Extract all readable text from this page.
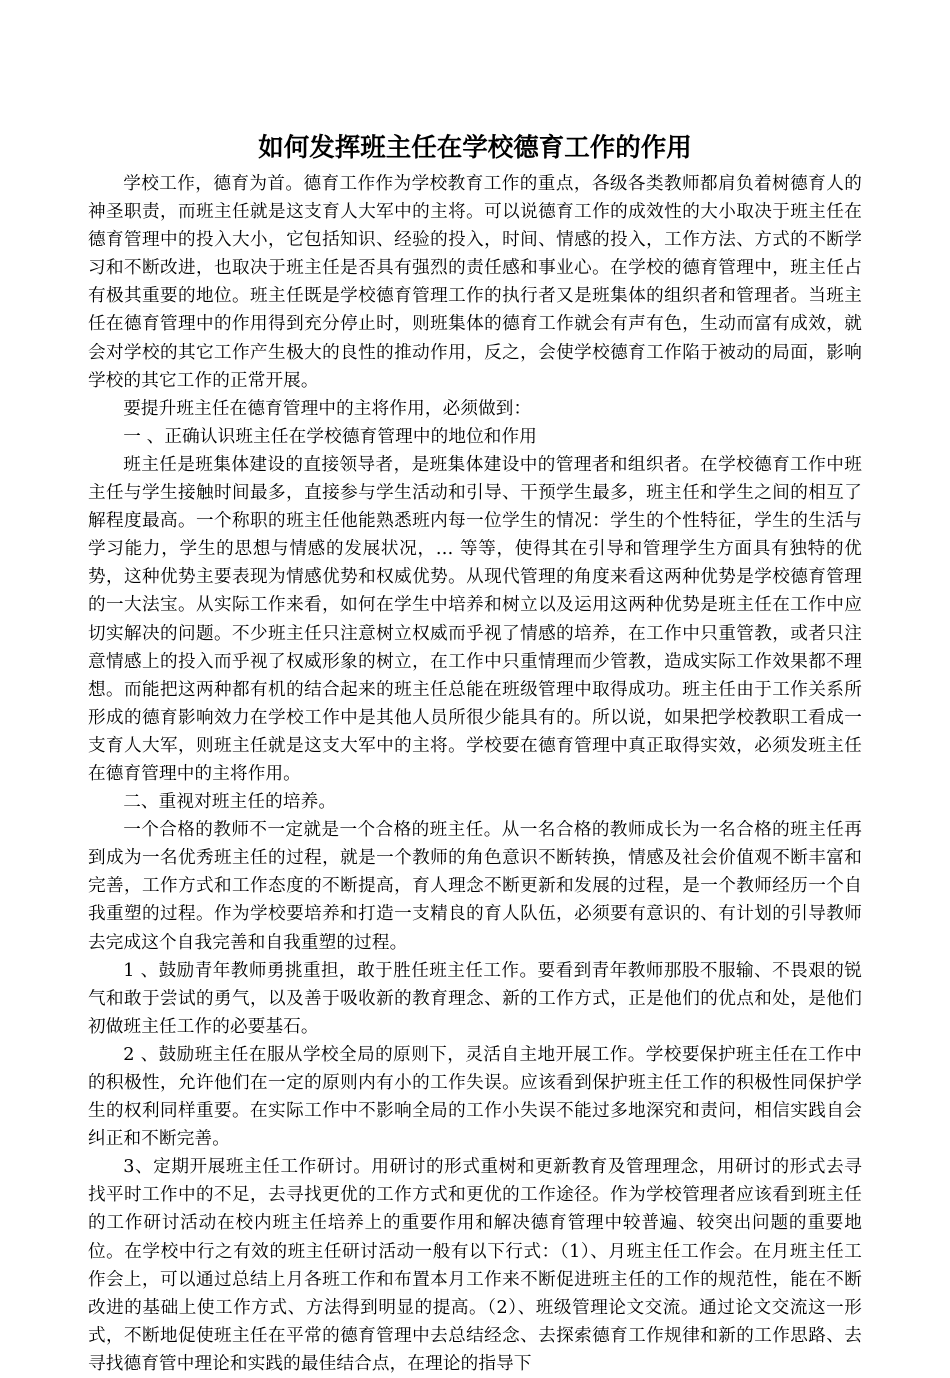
如何发挥班主任在学校德育工作的作用

学校工作，德育为首。德育工作作为学校教育工作的重点，各级各类教师都肩负着树德育人的神圣职责，而班主任就是这支育人大军中的主将。可以说德育工作的成效性的大小取决于班主任在德育管理中的投入大小，它包括知识、经验的投入，时间、情感的投入，工作方法、方式的不断学习和不断改进，也取决于班主任是否具有强烈的责任感和事业心。在学校的德育管理中，班主任占有极其重要的地位。班主任既是学校德育管理工作的执行者又是班集体的组织者和管理者。当班主任在德育管理中的作用得到充分停止时，则班集体的德育工作就会有声有色，生动而富有成效，就会对学校的其它工作产生极大的良性的推动作用，反之，会使学校德育工作陷于被动的局面，影响学校的其它工作的正常开展。

要提升班主任在德育管理中的主将作用，必须做到：

一 、正确认识班主任在学校德育管理中的地位和作用

班主任是班集体建设的直接领导者，是班集体建设中的管理者和组织者。在学校德育工作中班主任与学生接触时间最多，直接参与学生活动和引导、干预学生最多，班主任和学生之间的相互了解程度最高。一个称职的班主任他能熟悉班内每一位学生的情况：学生的个性特征，学生的生活与学习能力，学生的思想与情感的发展状况，… 等等，使得其在引导和管理学生方面具有独特的优势，这种优势主要表现为情感优势和权威优势。从现代管理的角度来看这两种优势是学校德育管理的一大法宝。从实际工作来看，如何在学生中培养和树立以及运用这两种优势是班主任在工作中应切实解决的问题。不少班主任只注意树立权威而乎视了情感的培养，在工作中只重管教，或者只注意情感上的投入而乎视了权威形象的树立，在工作中只重情理而少管教，造成实际工作效果都不理想。而能把这两种都有机的结合起来的班主任总能在班级管理中取得成功。班主任由于工作关系所形成的德育影响效力在学校工作中是其他人员所很少能具有的。所以说，如果把学校教职工看成一支育人大军，则班主任就是这支大军中的主将。学校要在德育管理中真正取得实效，必须发班主任在德育管理中的主将作用。

二、重视对班主任的培养。

一个合格的教师不一定就是一个合格的班主任。从一名合格的教师成长为一名合格的班主任再到成为一名优秀班主任的过程，就是一个教师的角色意识不断转换，情感及社会价值观不断丰富和完善，工作方式和工作态度的不断提高，育人理念不断更新和发展的过程，是一个教师经历一个自我重塑的过程。作为学校要培养和打造一支精良的育人队伍，必须要有意识的、有计划的引导教师去完成这个自我完善和自我重塑的过程。

1 、鼓励青年教师勇挑重担，敢于胜任班主任工作。要看到青年教师那股不服输、不畏艰的锐气和敢于尝试的勇气，以及善于吸收新的教育理念、新的工作方式，正是他们的优点和处，是他们初做班主任工作的必要基石。

2 、鼓励班主任在服从学校全局的原则下，灵活自主地开展工作。学校要保护班主任在工作中的积极性，允许他们在一定的原则内有小的工作失误。应该看到保护班主任工作的积极性同保护学生的权利同样重要。在实际工作中不影响全局的工作小失误不能过多地深究和责问，相信实践自会纠正和不断完善。

3、定期开展班主任工作研讨。用研讨的形式重树和更新教育及管理理念，用研讨的形式去寻找平时工作中的不足，去寻找更优的工作方式和更优的工作途径。作为学校管理者应该看到班主任的工作研讨活动在校内班主任培养上的重要作用和解决德育管理中较普遍、较突出问题的重要地位。在学校中行之有效的班主任研讨活动一般有以下行式：（1）、月班主任工作会。在月班主任工作会上，可以通过总结上月各班工作和布置本月工作来不断促进班主任的工作的规范性，能在不断改进的基础上使工作方式、方法得到明显的提高。（2）、班级管理论文交流。通过论文交流这一形式，不断地促使班主任在平常的德育管理中去总结经念、去探索德育工作规律和新的工作思路、去寻找德育管中理论和实践的最佳结合点，在理论的指导下
